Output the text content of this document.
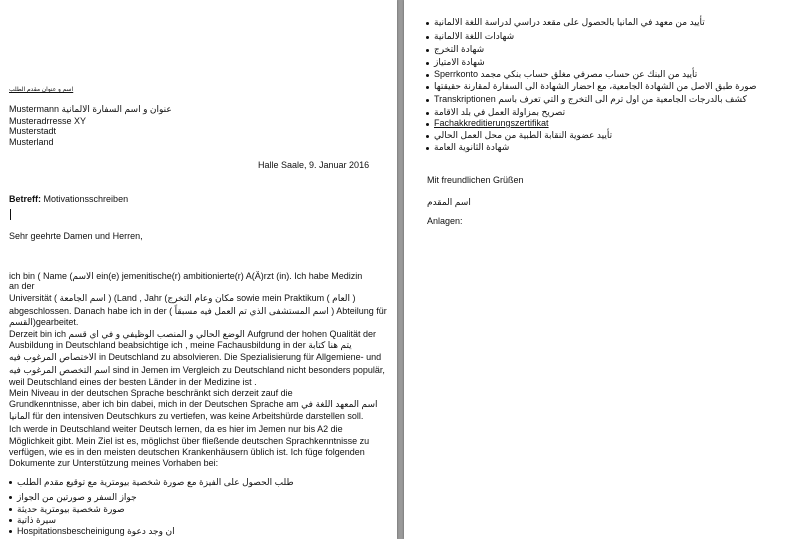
اسم و عنوان مقدم الطلب
Mustermann عنوان و اسم السفارة الالمانية
Musteradrresse XY
Musterstadt
Musterland
Halle Saale, 9. Januar 2016
Betreff: Motivationsschreiben
Sehr geehrte Damen und Herren,
ich bin ( Name (الاسم ein(e) jemenitische(r) ambitionierte(r) A(Ä)rzt (in). Ich habe Medizin
an der
Universität ( اسم الجامعة ) (Land , Jahr (مكان وعام التخرج sowie mein Praktikum ( العام )
abgeschlossen. Danach habe ich in der ( اسم المستشفى الذي تم العمل فيه مسبقاً ) Abteilung für
القسم)gearbeitet.
Derzeit bin ich الوضع الحالي و المنصب الوظيفي و في اي قسم Aufgrund der hohen Qualität der
Ausbildung in Deutschland beabsichtige ich , meine Fachausbildung in der يتم هنا كتابة
الاختصاص المرغوب فيه in Deutschland zu absolvieren. Die Spezialisierung für Allgemiene- und
اسم التخصص المرغوب فيه sind in Jemen im Vergleich zu Deutschland nicht besonders populär,
weil Deutschland eines der besten Länder in der Medizine ist .
Mein Niveau in der deutschen Sprache beschränkt sich derzeit zauf die
Grundkenntnisse, aber ich bin dabei, mich in der Deutschen Sprache am اسم المعهد اللغة في
المانيا für den intensiven Deutschkurs zu vertiefen, was keine Arbeitshürde darstellen soll.
Ich werde in Deutschland weiter Deutsch lernen, da es hier im Jemen nur bis A2 die
Möglichkeit gibt. Mein Ziel ist es, möglichst über fließende deutschen Sprachkenntnisse zu
verfügen, wie es in den meisten deutschen Krankenhäusern üblich ist. Ich füge folgenden
Dokumente zur Unterstützung meines Vorhaben bei:
طلب الحصول على الفيزة مع صورة شخصية بيومترية مع توقيع مقدم الطلب
جواز السفر و صورتين من الجواز
صورة شخصية بيومترية حديثة
سيرة ذاتية
Hospitationsbescheinigung ان وجد دعوة
تأييد من معهد في المانيا بالحصول على مقعد دراسي لدراسة اللغة الالمانية
شهادات اللغة الالمانية
شهادة التخرج
شهادة الامتياز
Sperrkonto تأييد من البنك عن حساب مصرفي مغلق حساب بنكي مجمد
صورة طبق الاصل من الشهادة الجامعية، مع احضار الشهادة الى السفارة لمقارنة حقيقتها
Transkriptionen كشف بالدرجات الجامعية من اول ترم الى التخرج و التي تعرف باسم
تصريح بمزاولة العمل في بلد الاقامة
Fachakkreditierungszertifikat
تأييد عضوية النقابة الطبية من محل العمل الحالي
شهادة الثانوية العامة
Mit freundlichen Grüßen
اسم المقدم
Anlagen:
